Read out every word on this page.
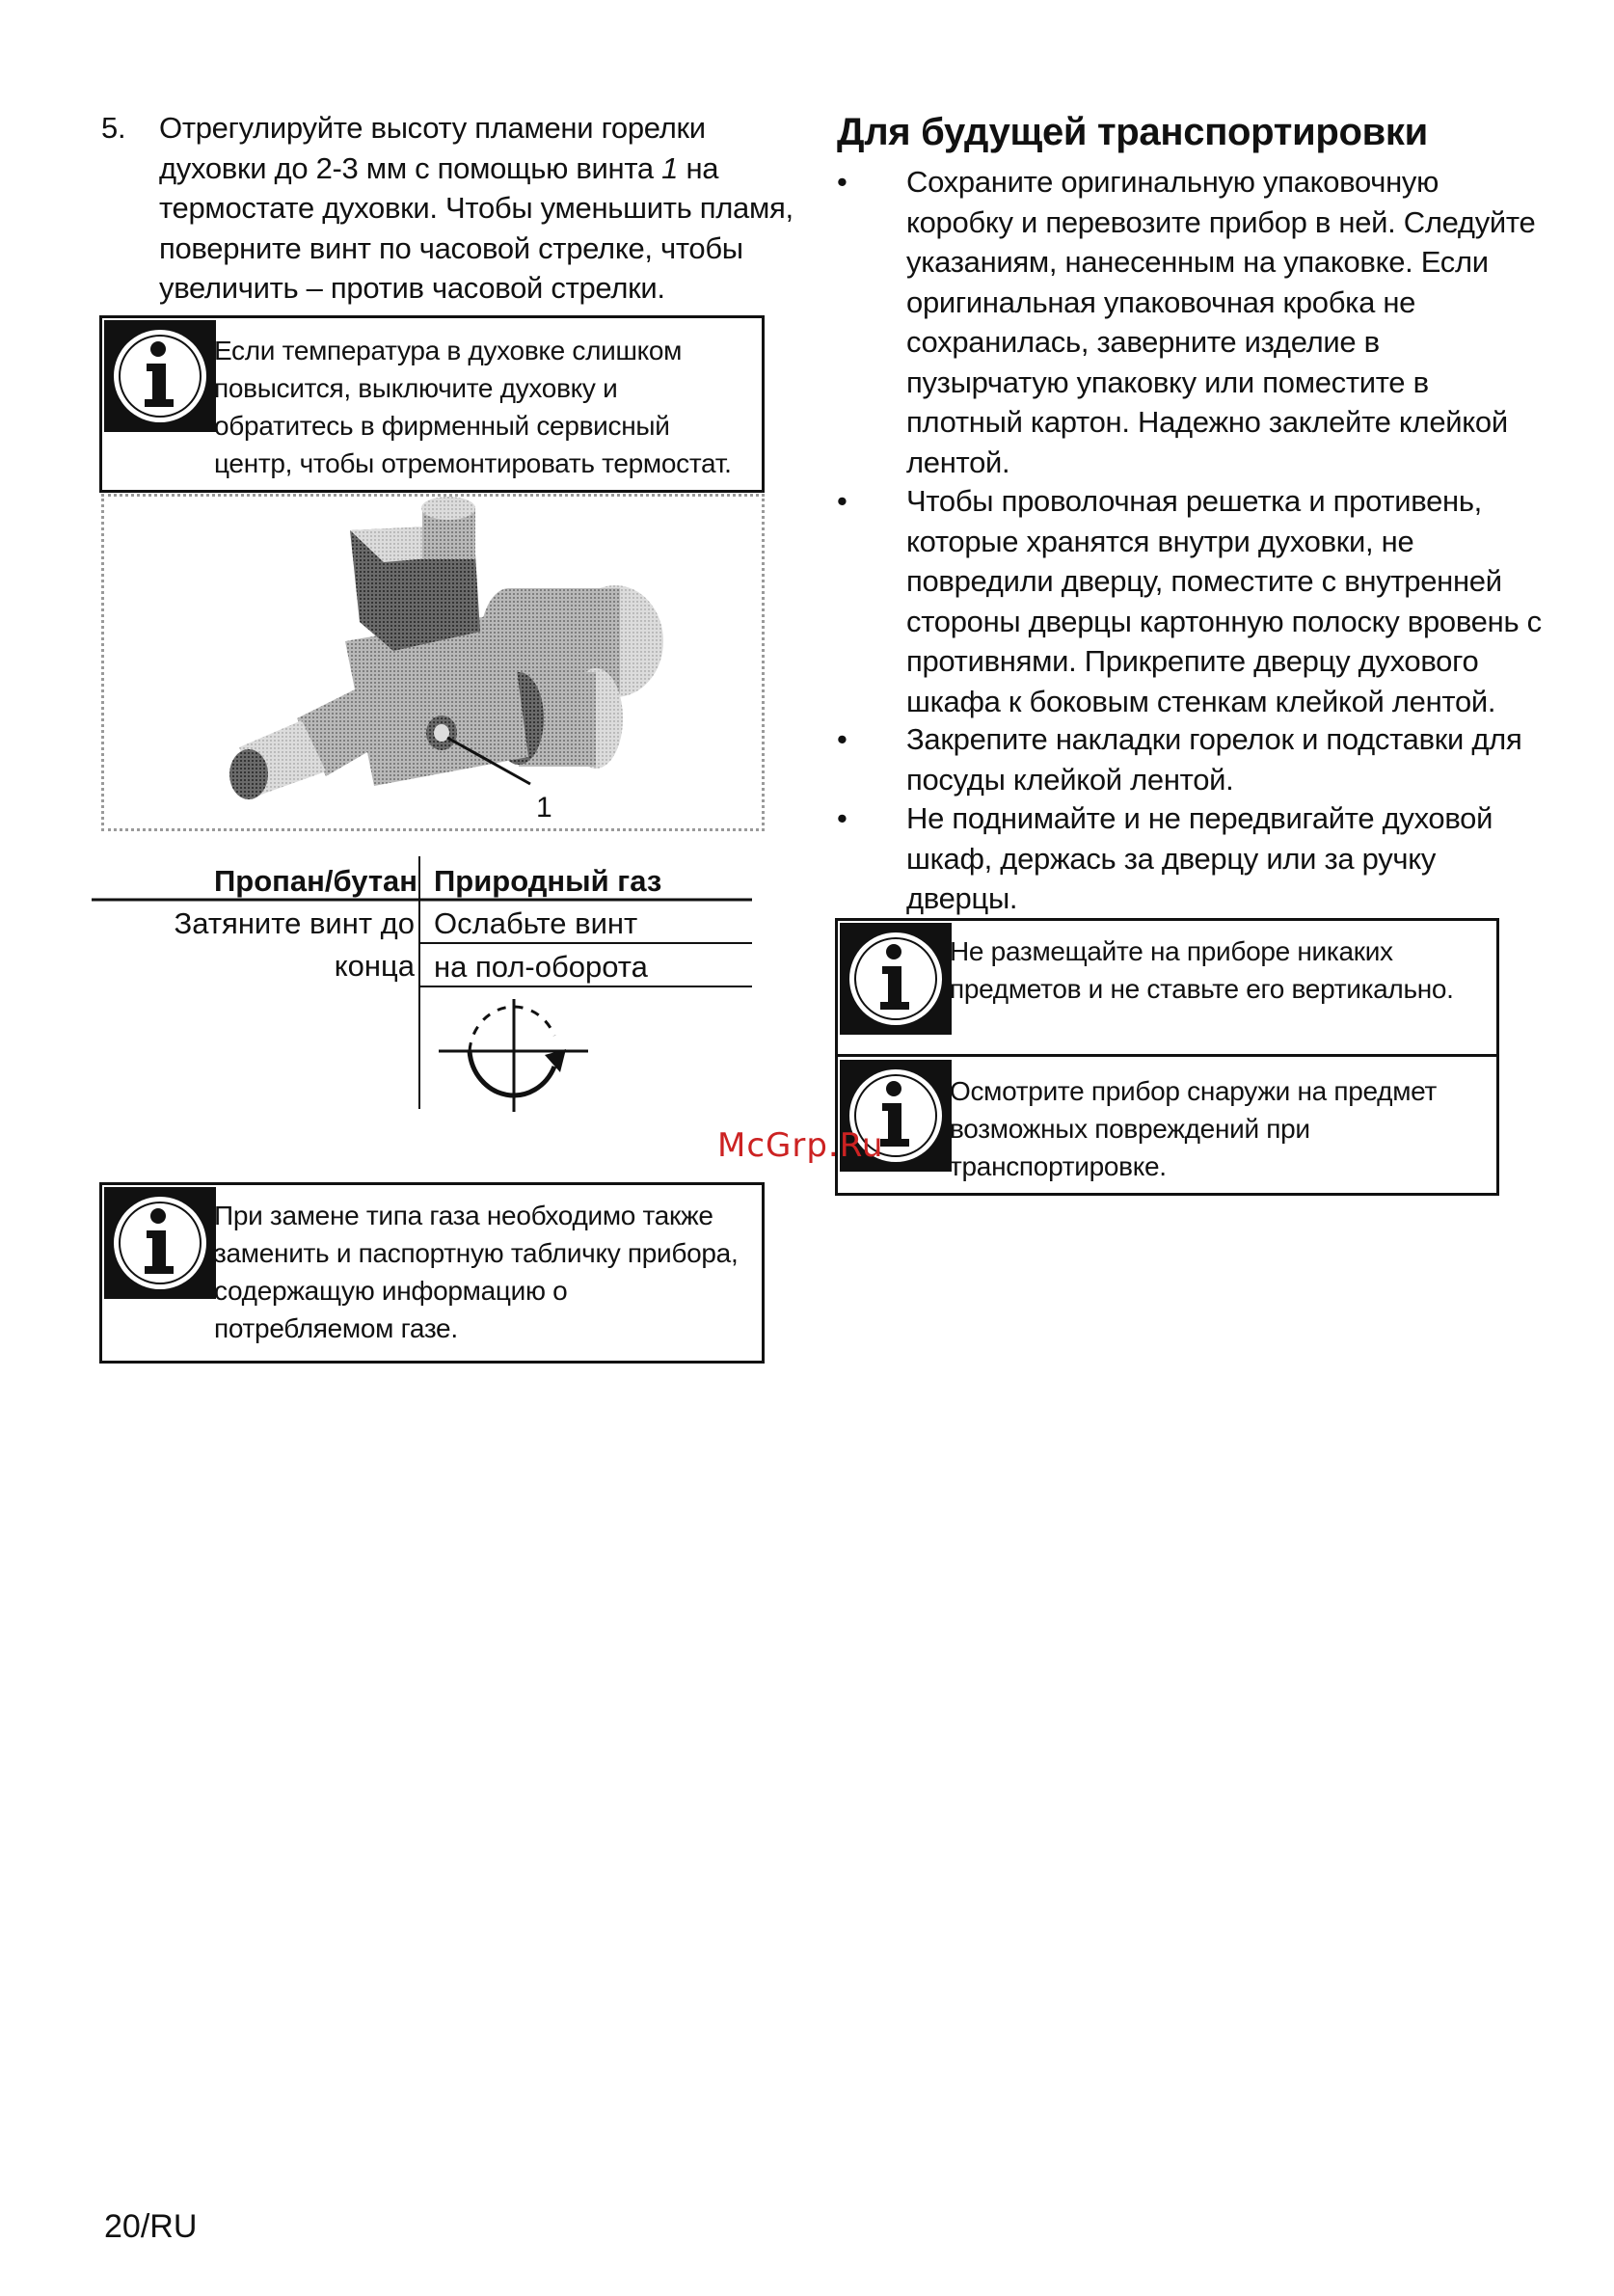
5. Отрегулируйте высоту пламени горелки духовки до 2-3 мм с помощью винта 1 на термостате духовки. Чтобы уменьшить пламя, поверните винт по часовой стрелке, чтобы увеличить – против часовой стрелки.
Если температура в духовке слишком повысится, выключите духовку и обратитесь в фирменный сервисный центр, чтобы отремонтировать термостат.
1
Пропан/бутан Природный газ
Затяните винт до
конца
Ослабьте винт
на пол-оборота
При замене типа газа необходимо также заменить и паспортную табличку прибора, содержащую информацию о потребляемом газе.
20/RU
Для будущей транспортировки
• Сохраните оригинальную упаковочную коробку и перевозите прибор в ней. Следуйте указаниям, нанесенным на упаковке. Если оригинальная упаковочная кробка не сохранилась, заверните изделие в пузырчатую упаковку или поместите в плотный картон. Надежно заклейте клейкой лентой.
• Чтобы проволочная решетка и противень, которые хранятся внутри духовки, не повредили дверцу, поместите с внутренней стороны дверцы картонную полоску вровень с противнями. Прикрепите дверцу духового шкафа к боковым стенкам клейкой лентой.
• Закрепите накладки горелок и подставки для посуды клейкой лентой.
• Не поднимайте и не передвигайте духовой шкаф, держась за дверцу или за ручку дверцы.
Не размещайте на приборе никаких предметов и не ставьте его вертикально.
Осмотрите прибор снаружи на предмет возможных повреждений при транспортировке.
McGrp.Ru
